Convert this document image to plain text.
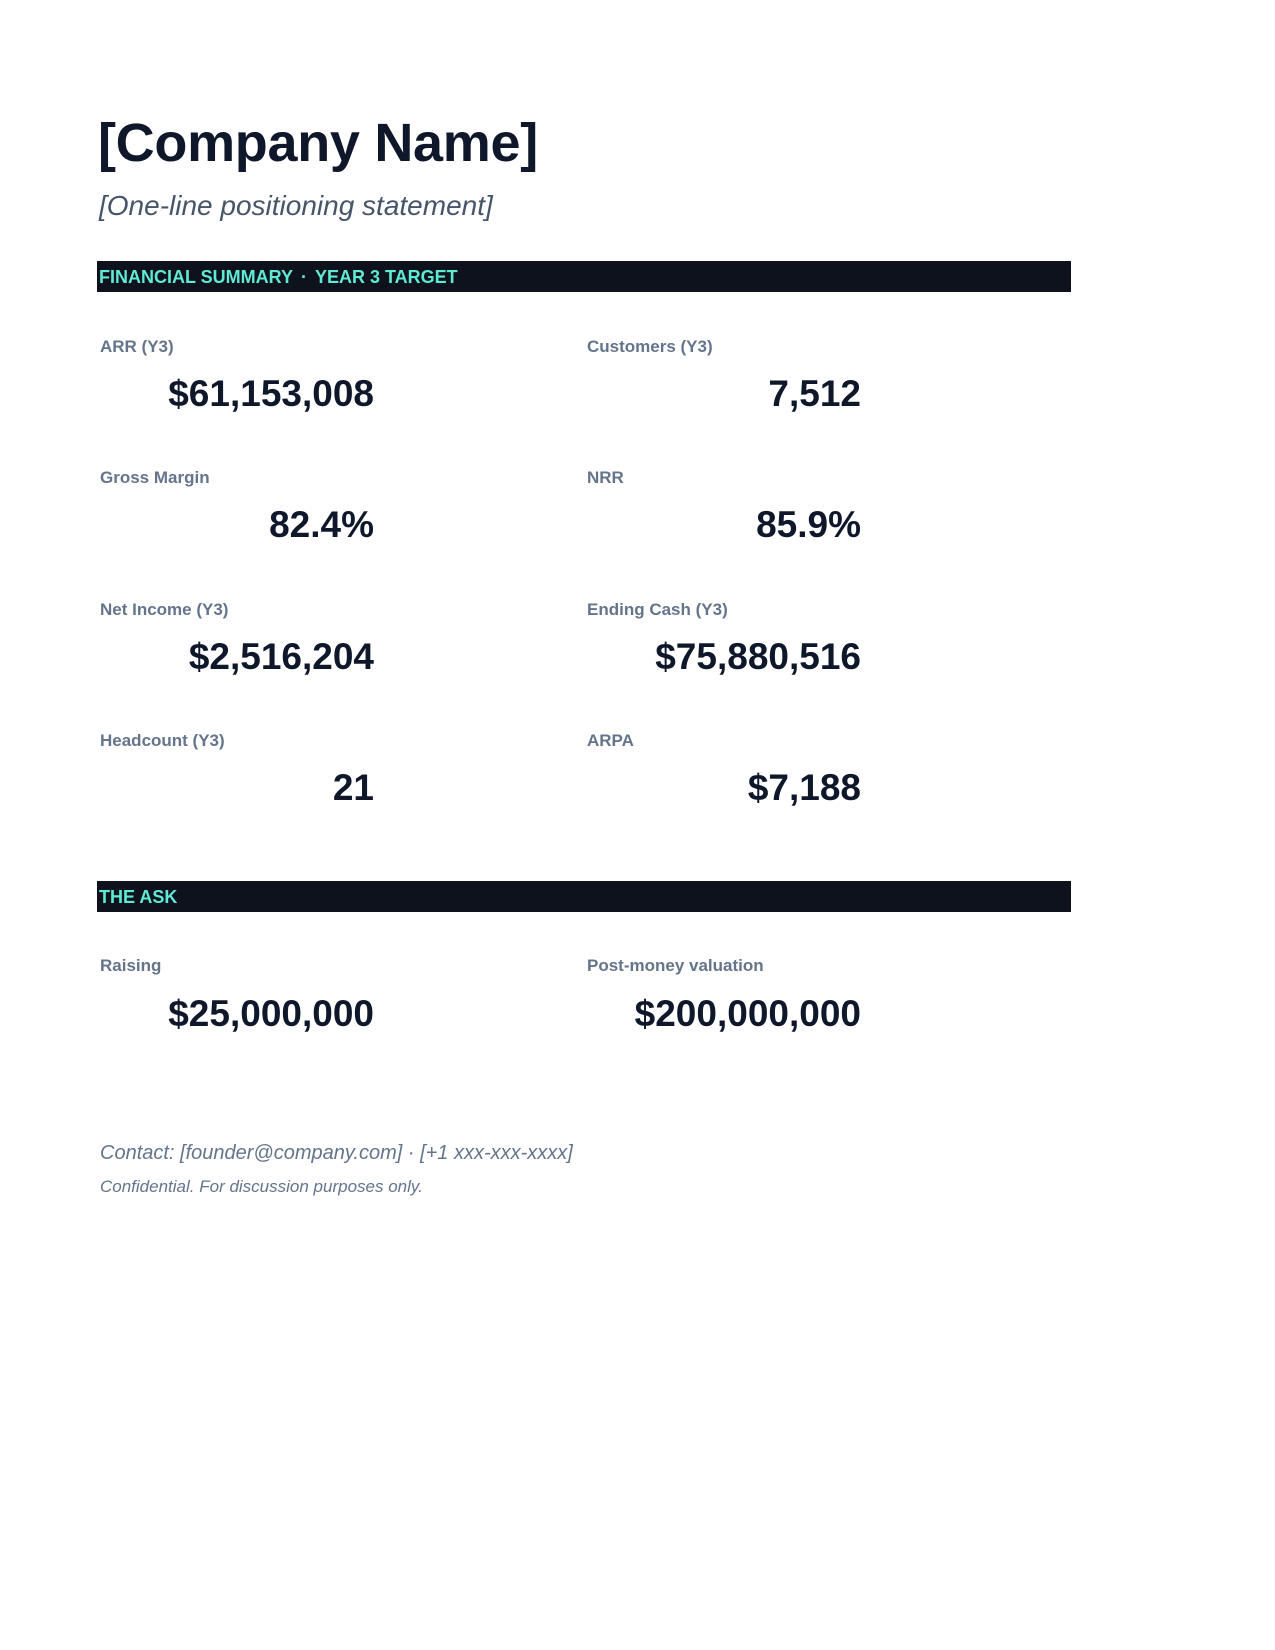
[Company Name]
[One-line positioning statement]
FINANCIAL SUMMARY · YEAR 3 TARGET
ARR (Y3)
$61,153,008
Customers (Y3)
7,512
Gross Margin
82.4%
NRR
85.9%
Net Income (Y3)
$2,516,204
Ending Cash (Y3)
$75,880,516
Headcount (Y3)
21
ARPA
$7,188
THE ASK
Raising
$25,000,000
Post-money valuation
$200,000,000
Contact: [founder@company.com] · [+1 xxx-xxx-xxxx]
Confidential. For discussion purposes only.
